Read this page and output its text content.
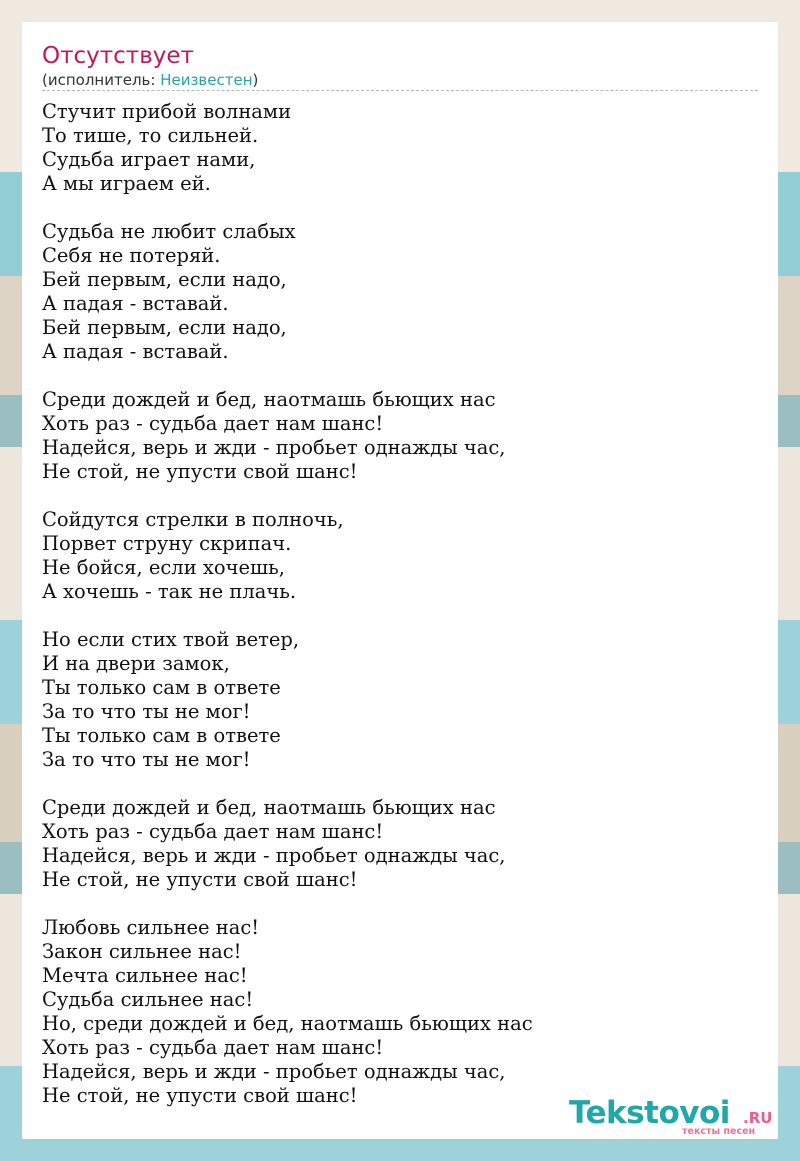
Отсутствует
(исполнитель: Неизвестен)
Стучит прибой волнами
То тише, то сильней.
Судьба играет нами,
А мы играем ей.
Судьба не любит слабых
Себя не потеряй.
Бей первым, если надо,
А падая - вставай.
Бей первым, если надо,
А падая - вставай.
Среди дождей и бед, наотмашь бьющих нас
Хоть раз - судьба дает нам шанс!
Надейся, верь и жди - пробьет однажды час,
Не стой, не упусти свой шанс!
Сойдутся стрелки в полночь,
Порвет струну скрипач.
Не бойся, если хочешь,
А хочешь - так не плачь.
Но если стих твой ветер,
И на двери замок,
Ты только сам в ответе
За то что ты не мог!
Ты только сам в ответе
За то что ты не мог!
Среди дождей и бед, наотмашь бьющих нас
Хоть раз - судьба дает нам шанс!
Надейся, верь и жди - пробьет однажды час,
Не стой, не упусти свой шанс!
Любовь сильнее нас!
Закон сильнее нас!
Мечта сильнее нас!
Судьба сильнее нас!
Но, среди дождей и бед, наотмашь бьющих нас
Хоть раз - судьба дает нам шанс!
Надейся, верь и жди - пробьет однажды час,
Не стой, не упусти свой шанс!	Tekstovoi .RU
тексты песен
